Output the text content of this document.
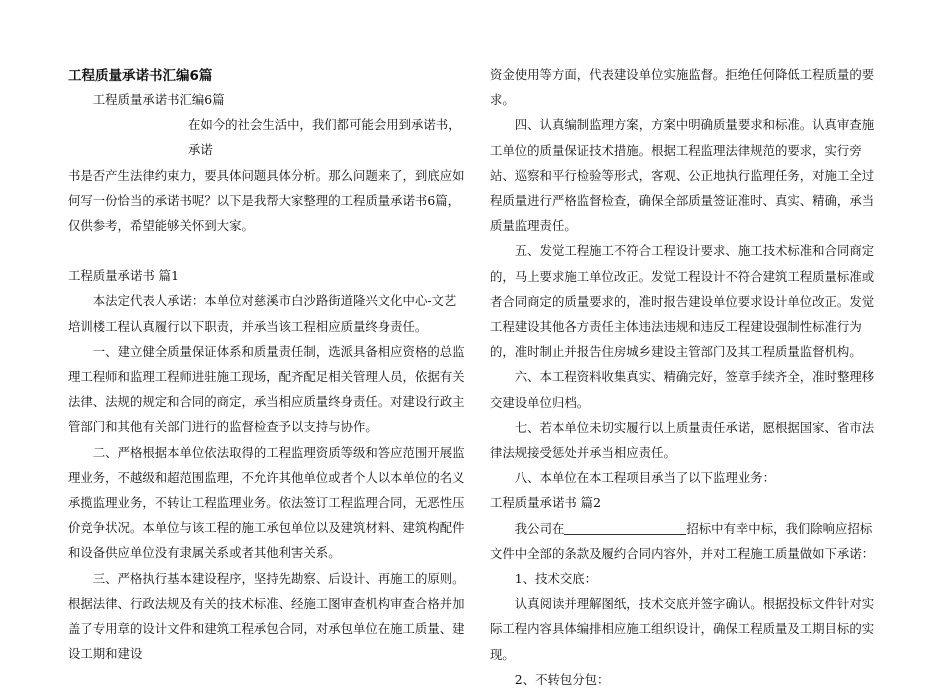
工程质量承诺书汇编6篇

工程质量承诺书汇编6篇

在如今的社会生活中，我们都可能会用到承诺书，承诺

书是否产生法律约束力，要具体问题具体分析。那么问题来了，到底应如何写一份恰当的承诺书呢？以下是我帮大家整理的工程质量承诺书6篇，仅供参考，希望能够关怀到大家。

工程质量承诺书 篇1

本法定代表人承诺：本单位对慈溪市白沙路街道隆兴文化中心-文艺培训楼工程认真履行以下职责，并承当该工程相应质量终身责任。

一、建立健全质量保证体系和质量责任制，选派具备相应资格的总监理工程师和监理工程师进驻施工现场，配齐配足相关管理人员，依据有关法律、法规的规定和合同的商定，承当相应质量终身责任。对建设行政主管部门和其他有关部门进行的监督检查予以支持与协作。

二、严格根据本单位依法取得的工程监理资质等级和答应范围开展监理业务，不越级和超范围监理，不允许其他单位或者个人以本单位的名义承揽监理业务，不转让工程监理业务。依法签订工程监理合同，无恶性压价竞争状况。本单位与该工程的施工承包单位以及建筑材料、建筑构配件和设备供应单位没有隶属关系或者其他利害关系。

三、严格执行基本建设程序，坚持先勘察、后设计、再施工的原则。根据法律、行政法规及有关的技术标准、经施工图审查机构审查合格并加盖了专用章的设计文件和建筑工程承包合同，对承包单位在施工质量、建设工期和建设

资金使用等方面，代表建设单位实施监督。拒绝任何降低工程质量的要求。

四、认真编制监理方案，方案中明确质量要求和标准。认真审查施工单位的质量保证技术措施。根据工程监理法律规范的要求，实行旁站、巡察和平行检验等形式，客观、公正地执行监理任务，对施工全过程质量进行严格监督检查，确保全部质量签证准时、真实、精确，承当质量监理责任。

五、发觉工程施工不符合工程设计要求、施工技术标准和合同商定的，马上要求施工单位改正。发觉工程设计不符合建筑工程质量标准或者合同商定的质量要求的，准时报告建设单位要求设计单位改正。发觉工程建设其他各方责任主体违法违规和违反工程建设强制性标准行为的，准时制止并报告住房城乡建设主管部门及其工程质量监督机构。

六、本工程资料收集真实、精确完好，签章手续齐全，准时整理移交建设单位归档。

七、若本单位未切实履行以上质量责任承诺，愿根据国家、省市法律法规接受惩处并承当相应责任。

八、本单位在本工程项目承当了以下监理业务：

工程质量承诺书 篇2

我公司在	招标中有幸中标，我们除响应招标文件中全部的条款及履约合同内容外，并对工程施工质量做如下承诺：

1、技术交底：

认真阅读并理解图纸，技术交底并签字确认。根据投标文件针对实际工程内容具体编排相应施工组织设计，确保工程质量及工期目标的实现。

2、不转包分包：
